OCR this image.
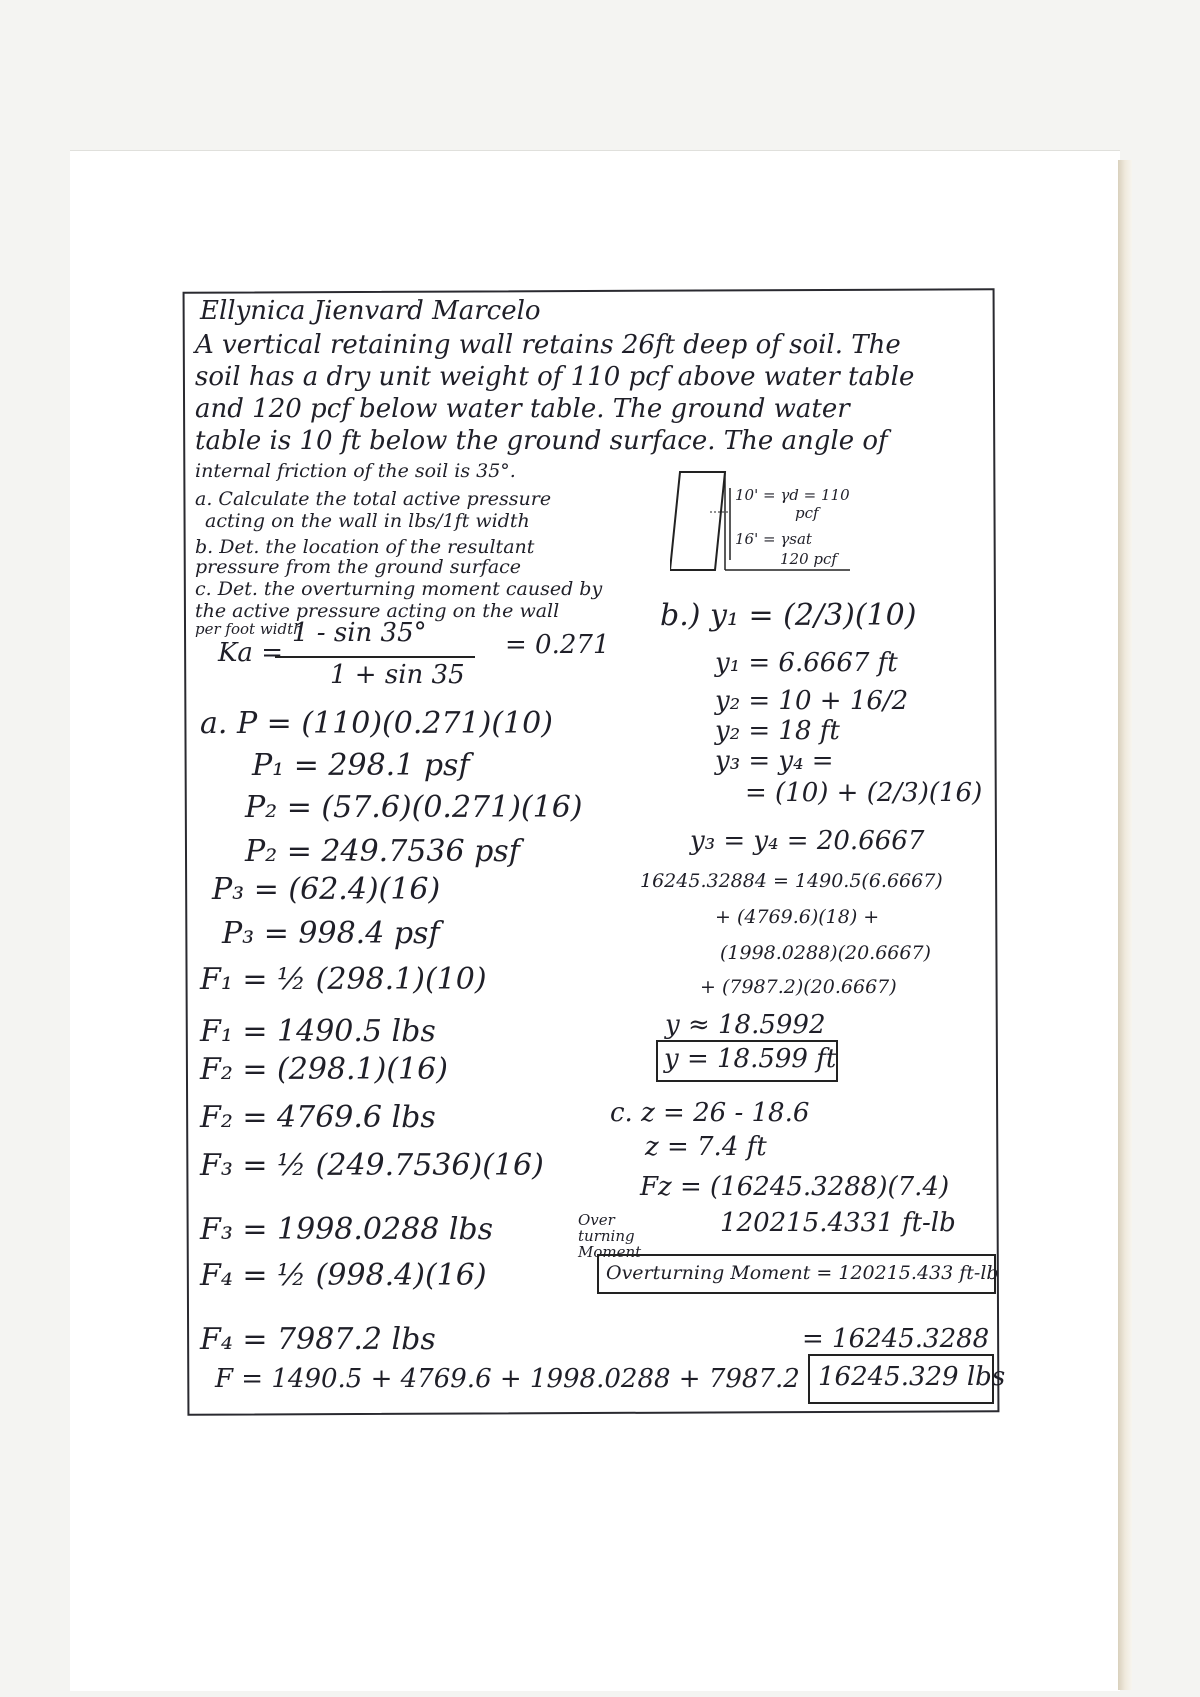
Ellynica Jienvard Marcelo
A vertical retaining wall retains 26ft deep of soil. The
soil has a dry unit weight of 110 pcf above water table
and 120 pcf below water table. The ground water
table is 10 ft below the ground surface. The angle of
internal friction of the soil is 35°.
a. Calculate the total active pressure
acting on the wall in lbs/1ft width
b. Det. the location of the resultant
pressure from the ground surface
c. Det. the overturning moment caused by
the active pressure acting on the wall
per foot width
10' = γd = 110
pcf
16' = γsat
120 pcf
Ka =
1 - sin 35°
1 + sin 35
= 0.271
a. P = (110)(0.271)(10)
P₁ = 298.1 psf
P₂ = (57.6)(0.271)(16)
P₂ = 249.7536 psf
P₃ = (62.4)(16)
P₃ = 998.4 psf
F₁ = ½ (298.1)(10)
F₁ = 1490.5 lbs
F₂ = (298.1)(16)
F₂ = 4769.6 lbs
F₃ = ½ (249.7536)(16)
F₃ = 1998.0288 lbs
F₄ = ½ (998.4)(16)
F₄ = 7987.2 lbs
F = 1490.5 + 4769.6 + 1998.0288 + 7987.2
= 16245.3288
16245.329 lbs
b.) y₁ = (2/3)(10)
y₁ = 6.6667 ft
y₂ = 10 + 16/2
y₂ = 18 ft
y₃ = y₄ =
= (10) + (2/3)(16)
y₃ = y₄ = 20.6667
16245.32884 = 1490.5(6.6667)
+ (4769.6)(18) +
(1998.0288)(20.6667)
+ (7987.2)(20.6667)
y ≈ 18.5992
y = 18.599 ft
c. z = 26 - 18.6
z = 7.4 ft
Fz = (16245.3288)(7.4)
Over turning Moment
120215.4331 ft-lb
Overturning Moment = 120215.433 ft-lb
